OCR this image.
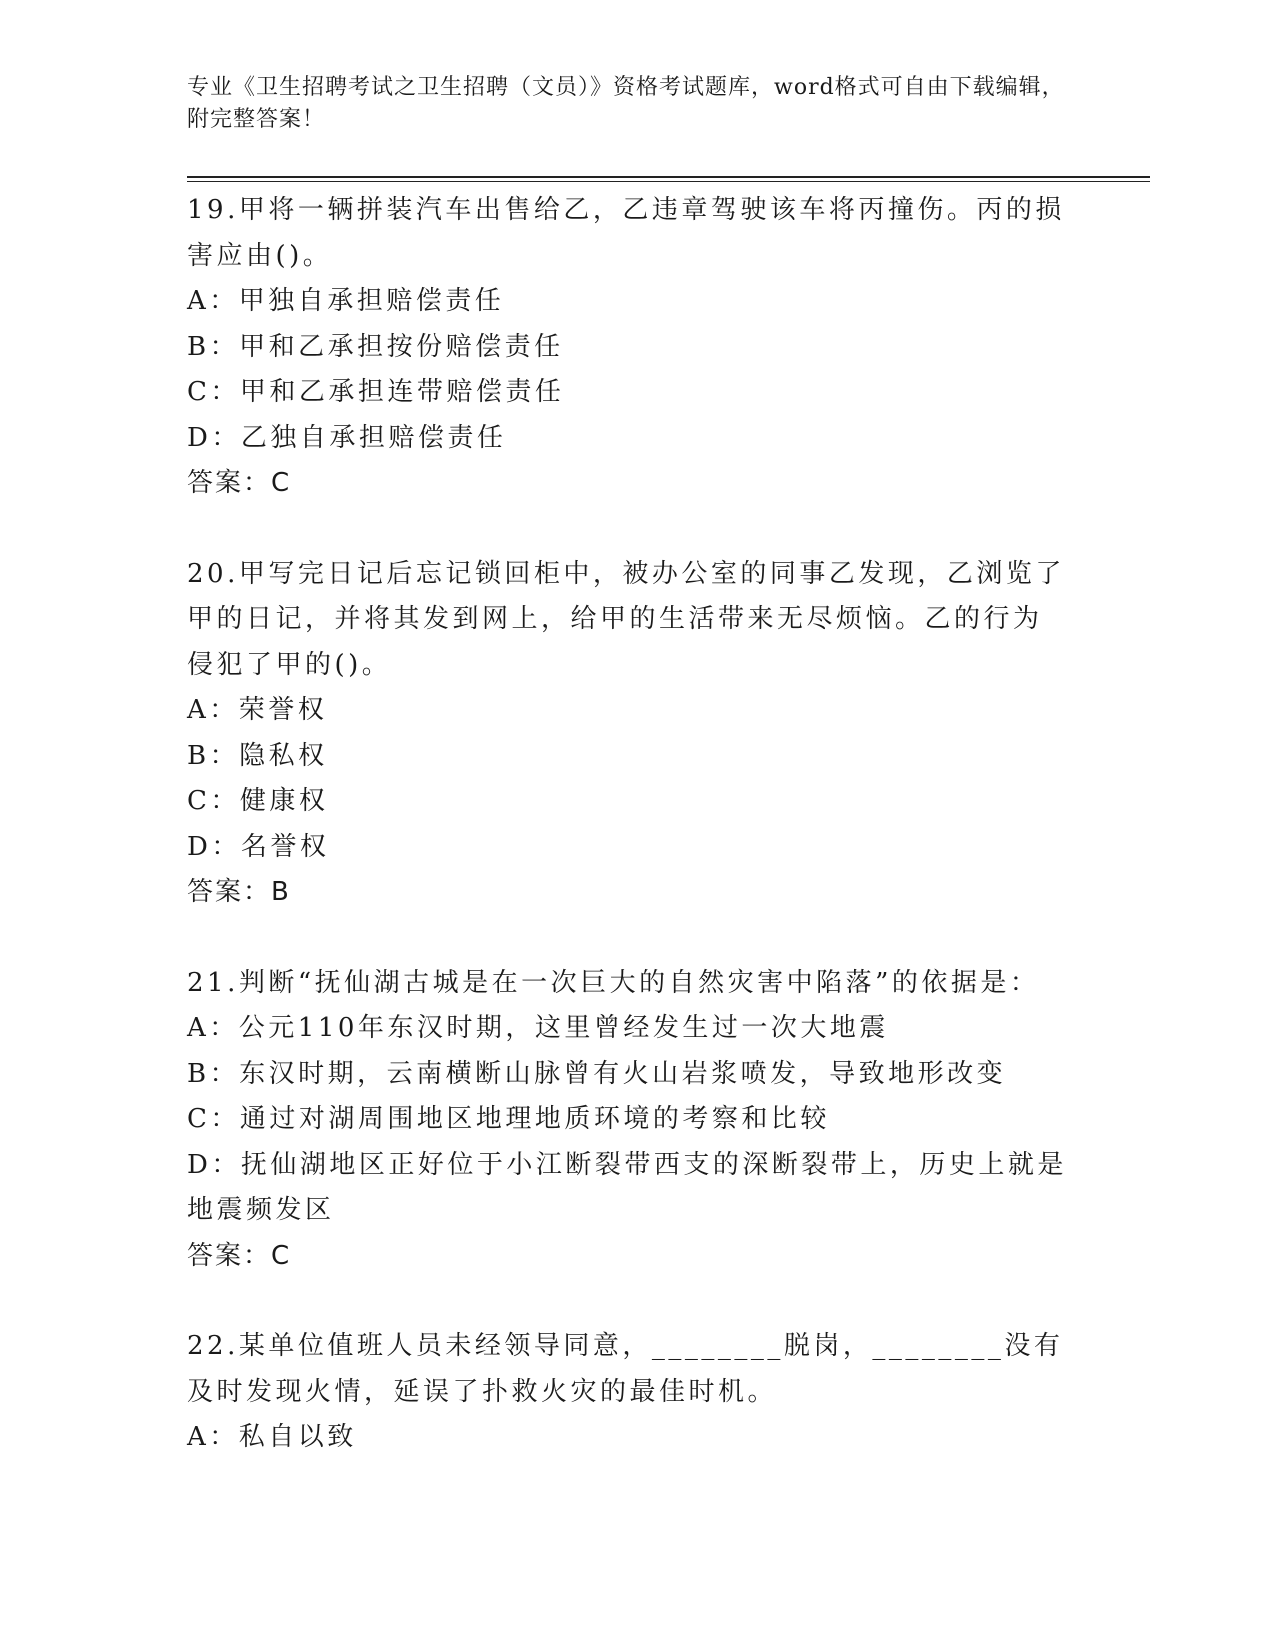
专业《卫生招聘考试之卫生招聘（文员）》资格考试题库，word格式可自由下载编辑，附完整答案！

19.甲将一辆拼装汽车出售给乙，乙违章驾驶该车将丙撞伤。丙的损害应由()。

A：甲独自承担赔偿责任

B：甲和乙承担按份赔偿责任

C：甲和乙承担连带赔偿责任

D：乙独自承担赔偿责任

答案：C

20.甲写完日记后忘记锁回柜中，被办公室的同事乙发现，乙浏览了甲的日记，并将其发到网上，给甲的生活带来无尽烦恼。乙的行为侵犯了甲的()。

A：荣誉权

B：隐私权

C：健康权

D：名誉权

答案：B

21.判断“抚仙湖古城是在一次巨大的自然灾害中陷落”的依据是：

A：公元110年东汉时期，这里曾经发生过一次大地震

B：东汉时期，云南横断山脉曾有火山岩浆喷发，导致地形改变

C：通过对湖周围地区地理地质环境的考察和比较

D：抚仙湖地区正好位于小江断裂带西支的深断裂带上，历史上就是地震频发区

答案：C

22.某单位值班人员未经领导同意，________脱岗，________没有及时发现火情，延误了扑救火灾的最佳时机。

A：私自以致
